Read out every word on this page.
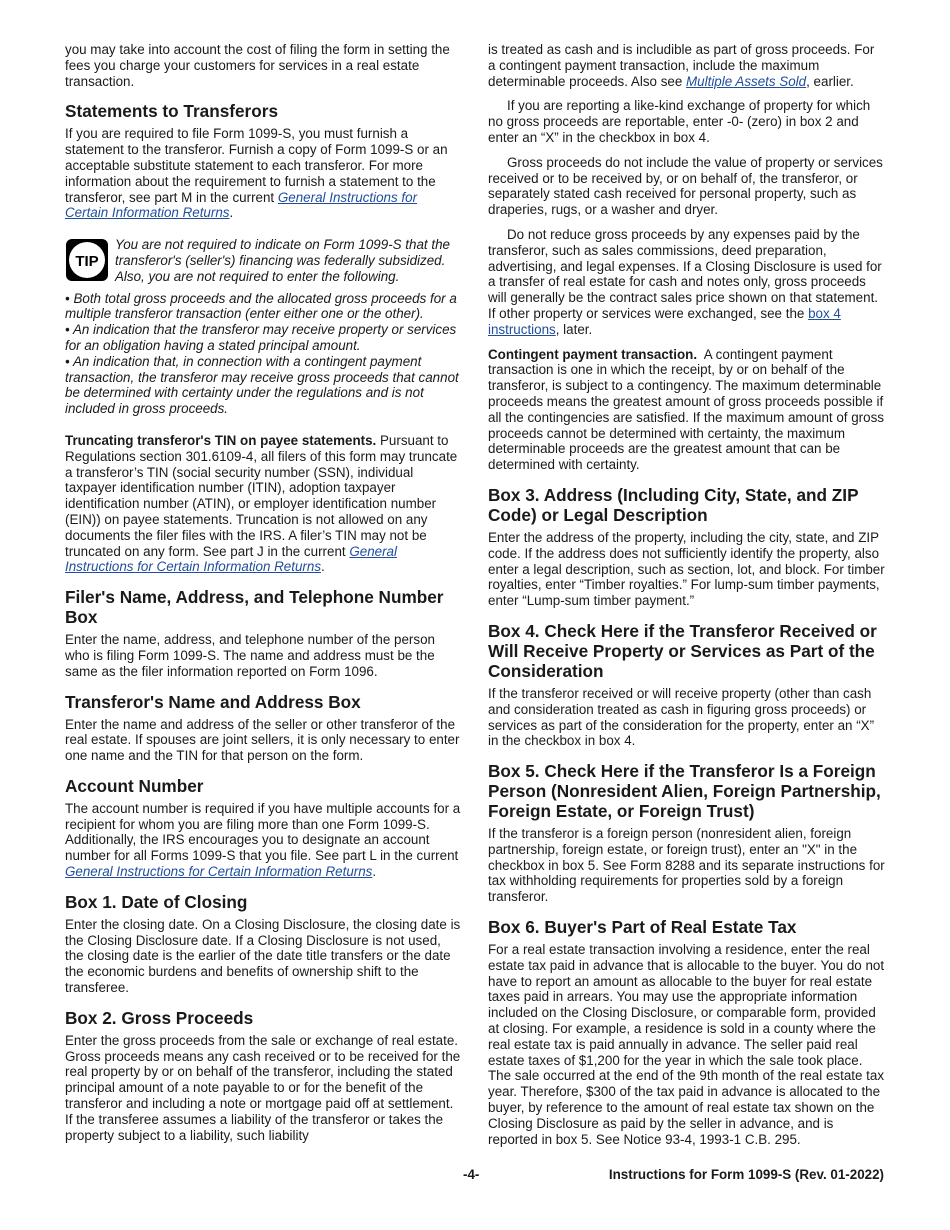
you may take into account the cost of filing the form in setting the fees you charge your customers for services in a real estate transaction.

Statements to Transferors

If you are required to file Form 1099-S, you must furnish a statement to the transferor. Furnish a copy of Form 1099-S or an acceptable substitute statement to each transferor. For more information about the requirement to furnish a statement to the transferor, see part M in the current General Instructions for Certain Information Returns.

TIP
You are not required to indicate on Form 1099-S that the transferor's (seller's) financing was federally subsidized. Also, you are not required to enter the following.
• Both total gross proceeds and the allocated gross proceeds for a multiple transferor transaction (enter either one or the other).
• An indication that the transferor may receive property or services for an obligation having a stated principal amount.
• An indication that, in connection with a contingent payment transaction, the transferor may receive gross proceeds that cannot be determined with certainty under the regulations and is not included in gross proceeds.

Truncating transferor's TIN on payee statements. Pursuant to Regulations section 301.6109-4, all filers of this form may truncate a transferor’s TIN (social security number (SSN), individual taxpayer identification number (ITIN), adoption taxpayer identification number (ATIN), or employer identification number (EIN)) on payee statements. Truncation is not allowed on any documents the filer files with the IRS. A filer’s TIN may not be truncated on any form. See part J in the current General Instructions for Certain Information Returns.

Filer's Name, Address, and Telephone Number Box

Enter the name, address, and telephone number of the person who is filing Form 1099-S. The name and address must be the same as the filer information reported on Form 1096.

Transferor's Name and Address Box

Enter the name and address of the seller or other transferor of the real estate. If spouses are joint sellers, it is only necessary to enter one name and the TIN for that person on the form.

Account Number

The account number is required if you have multiple accounts for a recipient for whom you are filing more than one Form 1099-S. Additionally, the IRS encourages you to designate an account number for all Forms 1099-S that you file. See part L in the current General Instructions for Certain Information Returns.

Box 1. Date of Closing

Enter the closing date. On a Closing Disclosure, the closing date is the Closing Disclosure date. If a Closing Disclosure is not used, the closing date is the earlier of the date title transfers or the date the economic burdens and benefits of ownership shift to the transferee.

Box 2. Gross Proceeds

Enter the gross proceeds from the sale or exchange of real estate. Gross proceeds means any cash received or to be received for the real property by or on behalf of the transferor, including the stated principal amount of a note payable to or for the benefit of the transferor and including a note or mortgage paid off at settlement. If the transferee assumes a liability of the transferor or takes the property subject to a liability, such liability

is treated as cash and is includible as part of gross proceeds. For a contingent payment transaction, include the maximum determinable proceeds. Also see Multiple Assets Sold, earlier.

If you are reporting a like-kind exchange of property for which no gross proceeds are reportable, enter -0- (zero) in box 2 and enter an “X” in the checkbox in box 4.

Gross proceeds do not include the value of property or services received or to be received by, or on behalf of, the transferor, or separately stated cash received for personal property, such as draperies, rugs, or a washer and dryer.

Do not reduce gross proceeds by any expenses paid by the transferor, such as sales commissions, deed preparation, advertising, and legal expenses. If a Closing Disclosure is used for a transfer of real estate for cash and notes only, gross proceeds will generally be the contract sales price shown on that statement. If other property or services were exchanged, see the box 4 instructions, later.

Contingent payment transaction. A contingent payment transaction is one in which the receipt, by or on behalf of the transferor, is subject to a contingency. The maximum determinable proceeds means the greatest amount of gross proceeds possible if all the contingencies are satisfied. If the maximum amount of gross proceeds cannot be determined with certainty, the maximum determinable proceeds are the greatest amount that can be determined with certainty.

Box 3. Address (Including City, State, and ZIP Code) or Legal Description

Enter the address of the property, including the city, state, and ZIP code. If the address does not sufficiently identify the property, also enter a legal description, such as section, lot, and block. For timber royalties, enter “Timber royalties.” For lump-sum timber payments, enter “Lump-sum timber payment.”

Box 4. Check Here if the Transferor Received or Will Receive Property or Services as Part of the Consideration

If the transferor received or will receive property (other than cash and consideration treated as cash in figuring gross proceeds) or services as part of the consideration for the property, enter an “X” in the checkbox in box 4.

Box 5. Check Here if the Transferor Is a Foreign Person (Nonresident Alien, Foreign Partnership, Foreign Estate, or Foreign Trust)

If the transferor is a foreign person (nonresident alien, foreign partnership, foreign estate, or foreign trust), enter an "X" in the checkbox in box 5. See Form 8288 and its separate instructions for tax withholding requirements for properties sold by a foreign transferor.

Box 6. Buyer's Part of Real Estate Tax

For a real estate transaction involving a residence, enter the real estate tax paid in advance that is allocable to the buyer. You do not have to report an amount as allocable to the buyer for real estate taxes paid in arrears. You may use the appropriate information included on the Closing Disclosure, or comparable form, provided at closing. For example, a residence is sold in a county where the real estate tax is paid annually in advance. The seller paid real estate taxes of $1,200 for the year in which the sale took place. The sale occurred at the end of the 9th month of the real estate tax year. Therefore, $300 of the tax paid in advance is allocated to the buyer, by reference to the amount of real estate tax shown on the Closing Disclosure as paid by the seller in advance, and is reported in box 5. See Notice 93-4, 1993-1 C.B. 295.

-4-	Instructions for Form 1099-S (Rev. 01-2022)
